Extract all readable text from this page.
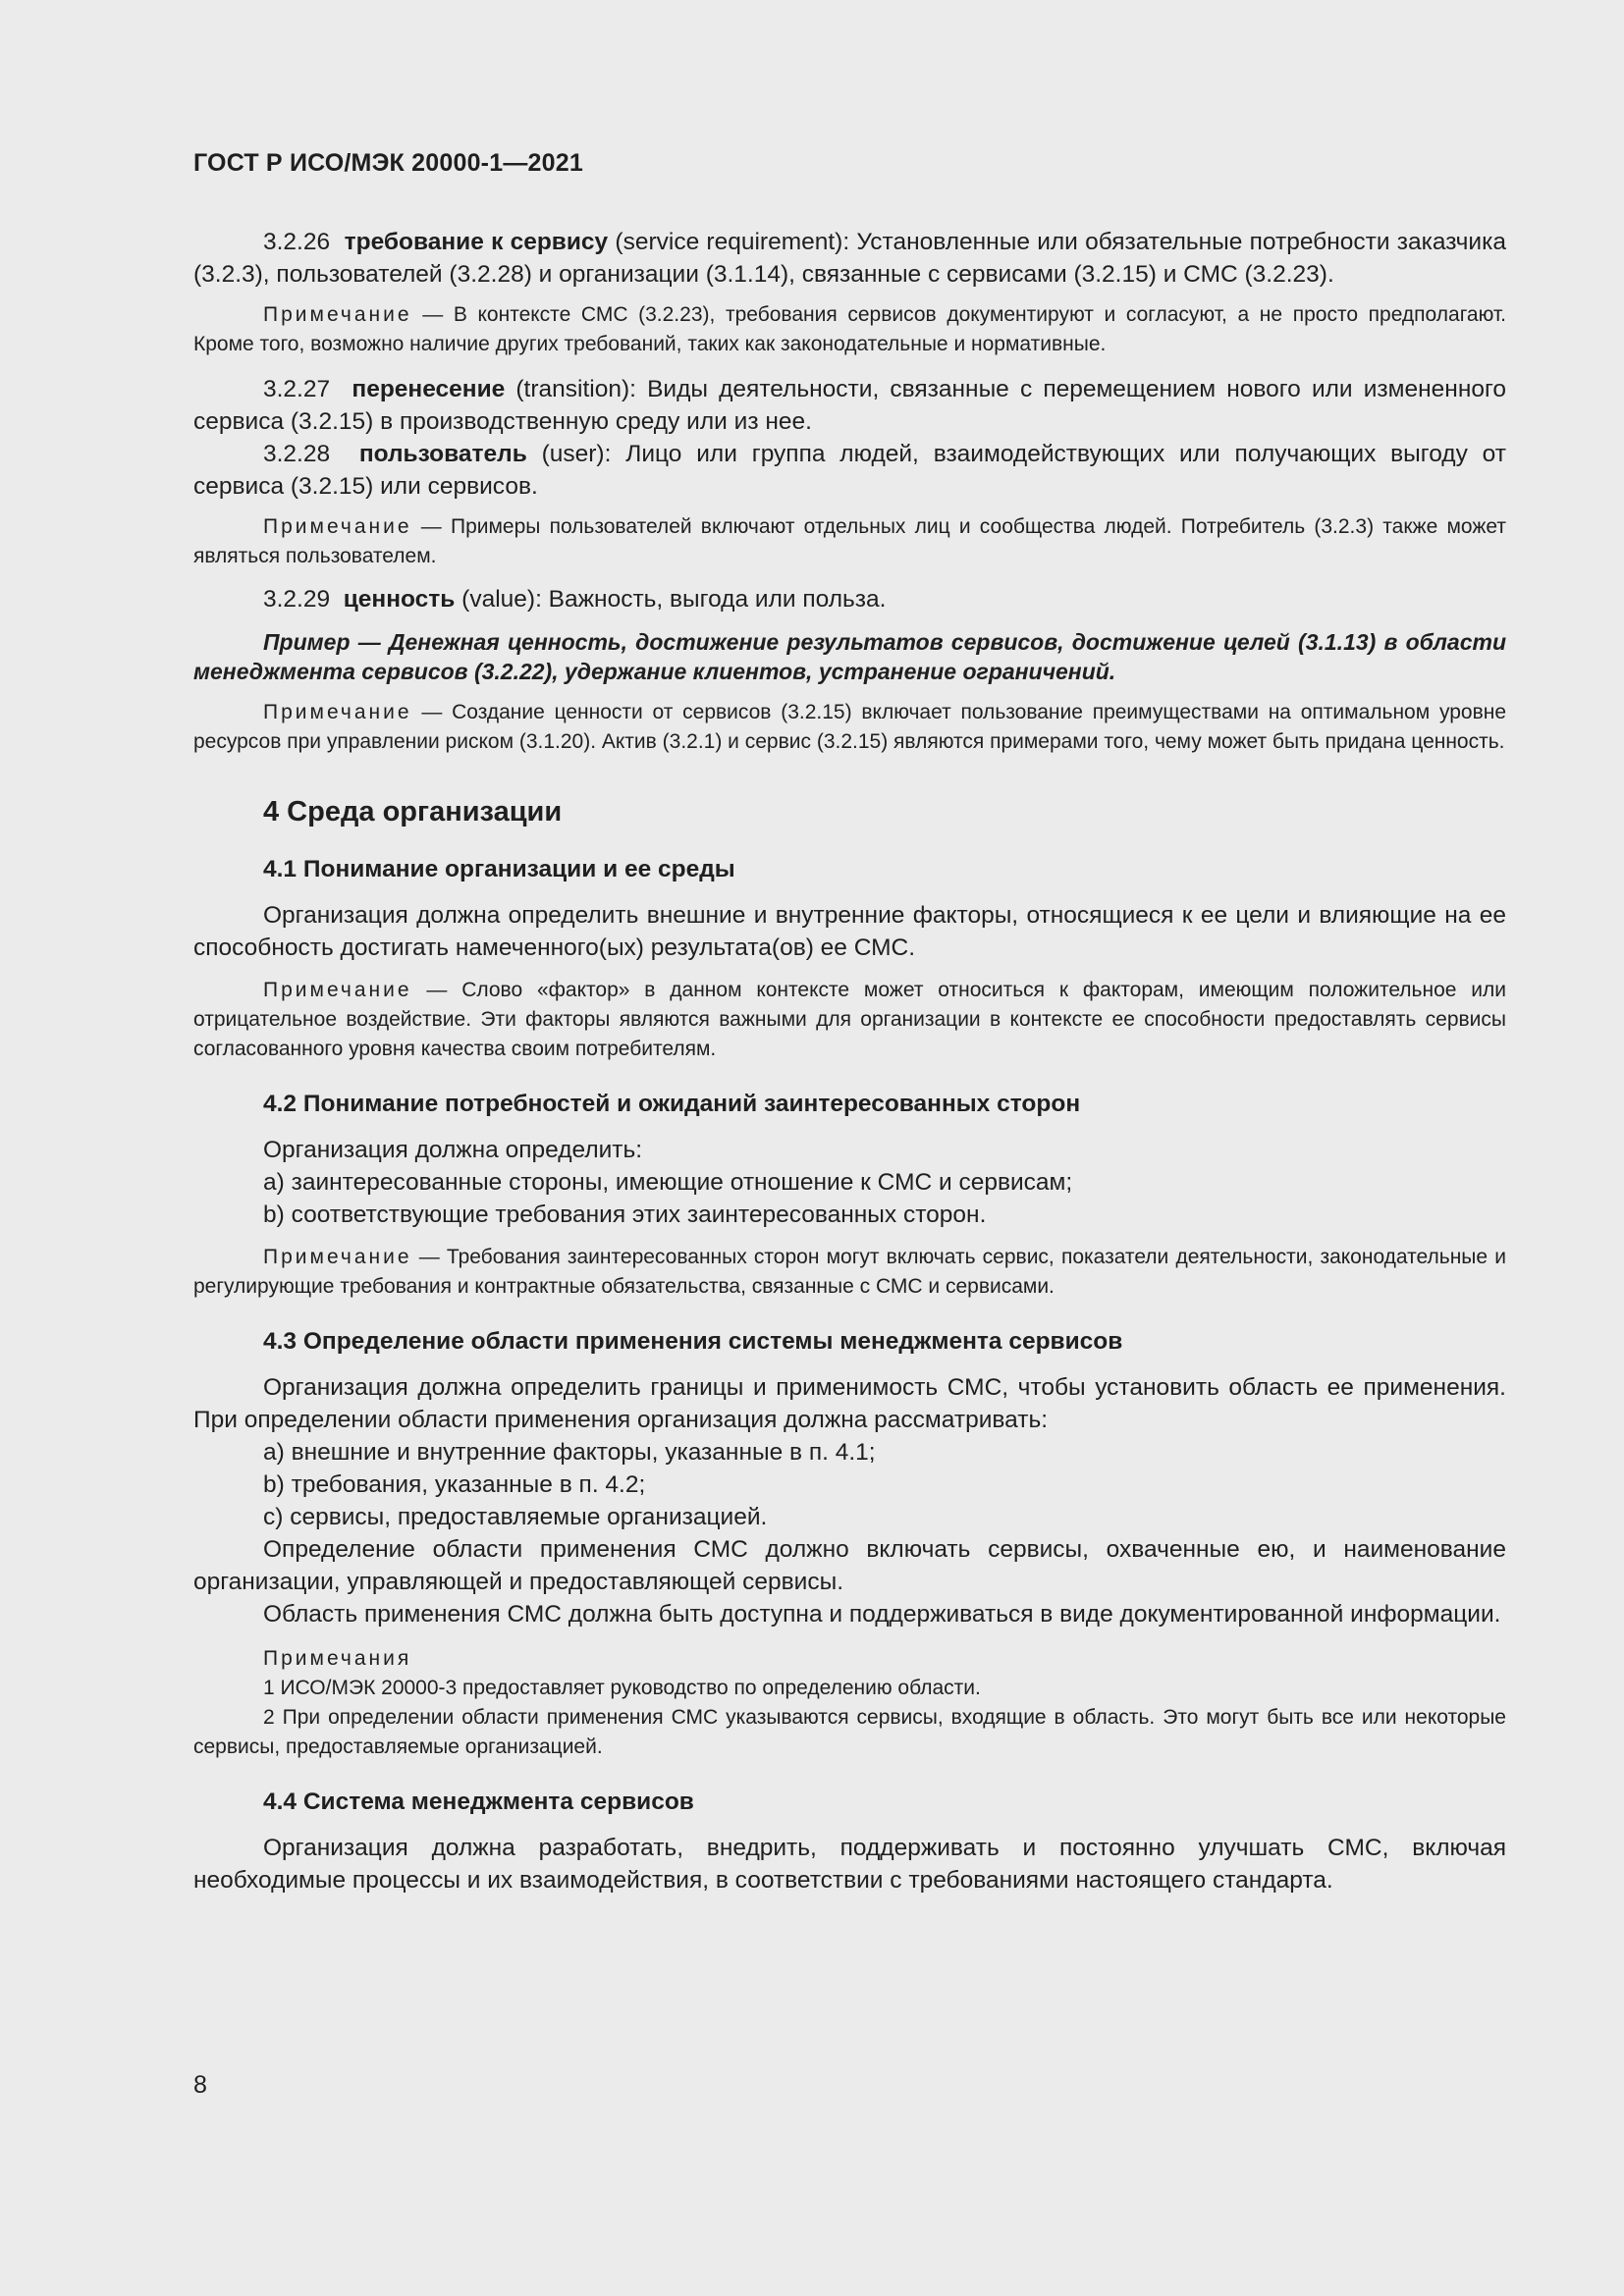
ГОСТ Р ИСО/МЭК 20000-1—2021

3.2.26 требование к сервису (service requirement): Установленные или обязательные потребности заказчика (3.2.3), пользователей (3.2.28) и организации (3.1.14), связанные с сервисами (3.2.15) и СМС (3.2.23).

Примечание — В контексте СМС (3.2.23), требования сервисов документируют и согласуют, а не просто предполагают. Кроме того, возможно наличие других требований, таких как законодательные и нормативные.

3.2.27 перенесение (transition): Виды деятельности, связанные с перемещением нового или измененного сервиса (3.2.15) в производственную среду или из нее.

3.2.28 пользователь (user): Лицо или группа людей, взаимодействующих или получающих выгоду от сервиса (3.2.15) или сервисов.

Примечание — Примеры пользователей включают отдельных лиц и сообщества людей. Потребитель (3.2.3) также может являться пользователем.

3.2.29 ценность (value): Важность, выгода или польза.

Пример — Денежная ценность, достижение результатов сервисов, достижение целей (3.1.13) в области менеджмента сервисов (3.2.22), удержание клиентов, устранение ограничений.

Примечание — Создание ценности от сервисов (3.2.15) включает пользование преимуществами на оптимальном уровне ресурсов при управлении риском (3.1.20). Актив (3.2.1) и сервис (3.2.15) являются примерами того, чему может быть придана ценность.

4 Среда организации

4.1 Понимание организации и ее среды

Организация должна определить внешние и внутренние факторы, относящиеся к ее цели и влияющие на ее способность достигать намеченного(ых) результата(ов) ее СМС.

Примечание — Слово «фактор» в данном контексте может относиться к факторам, имеющим положительное или отрицательное воздействие. Эти факторы являются важными для организации в контексте ее способности предоставлять сервисы согласованного уровня качества своим потребителям.

4.2 Понимание потребностей и ожиданий заинтересованных сторон

Организация должна определить:

a) заинтересованные стороны, имеющие отношение к СМС и сервисам;

b) соответствующие требования этих заинтересованных сторон.

Примечание — Требования заинтересованных сторон могут включать сервис, показатели деятельности, законодательные и регулирующие требования и контрактные обязательства, связанные с СМС и сервисами.

4.3 Определение области применения системы менеджмента сервисов

Организация должна определить границы и применимость СМС, чтобы установить область ее применения. При определении области применения организация должна рассматривать:

a) внешние и внутренние факторы, указанные в п. 4.1;

b) требования, указанные в п. 4.2;

c) сервисы, предоставляемые организацией.

Определение области применения СМС должно включать сервисы, охваченные ею, и наименование организации, управляющей и предоставляющей сервисы.

Область применения СМС должна быть доступна и поддерживаться в виде документированной информации.

Примечания

1 ИСО/МЭК 20000-3 предоставляет руководство по определению области.

2 При определении области применения СМС указываются сервисы, входящие в область. Это могут быть все или некоторые сервисы, предоставляемые организацией.

4.4 Система менеджмента сервисов

Организация должна разработать, внедрить, поддерживать и постоянно улучшать СМС, включая необходимые процессы и их взаимодействия, в соответствии с требованиями настоящего стандарта.

8
